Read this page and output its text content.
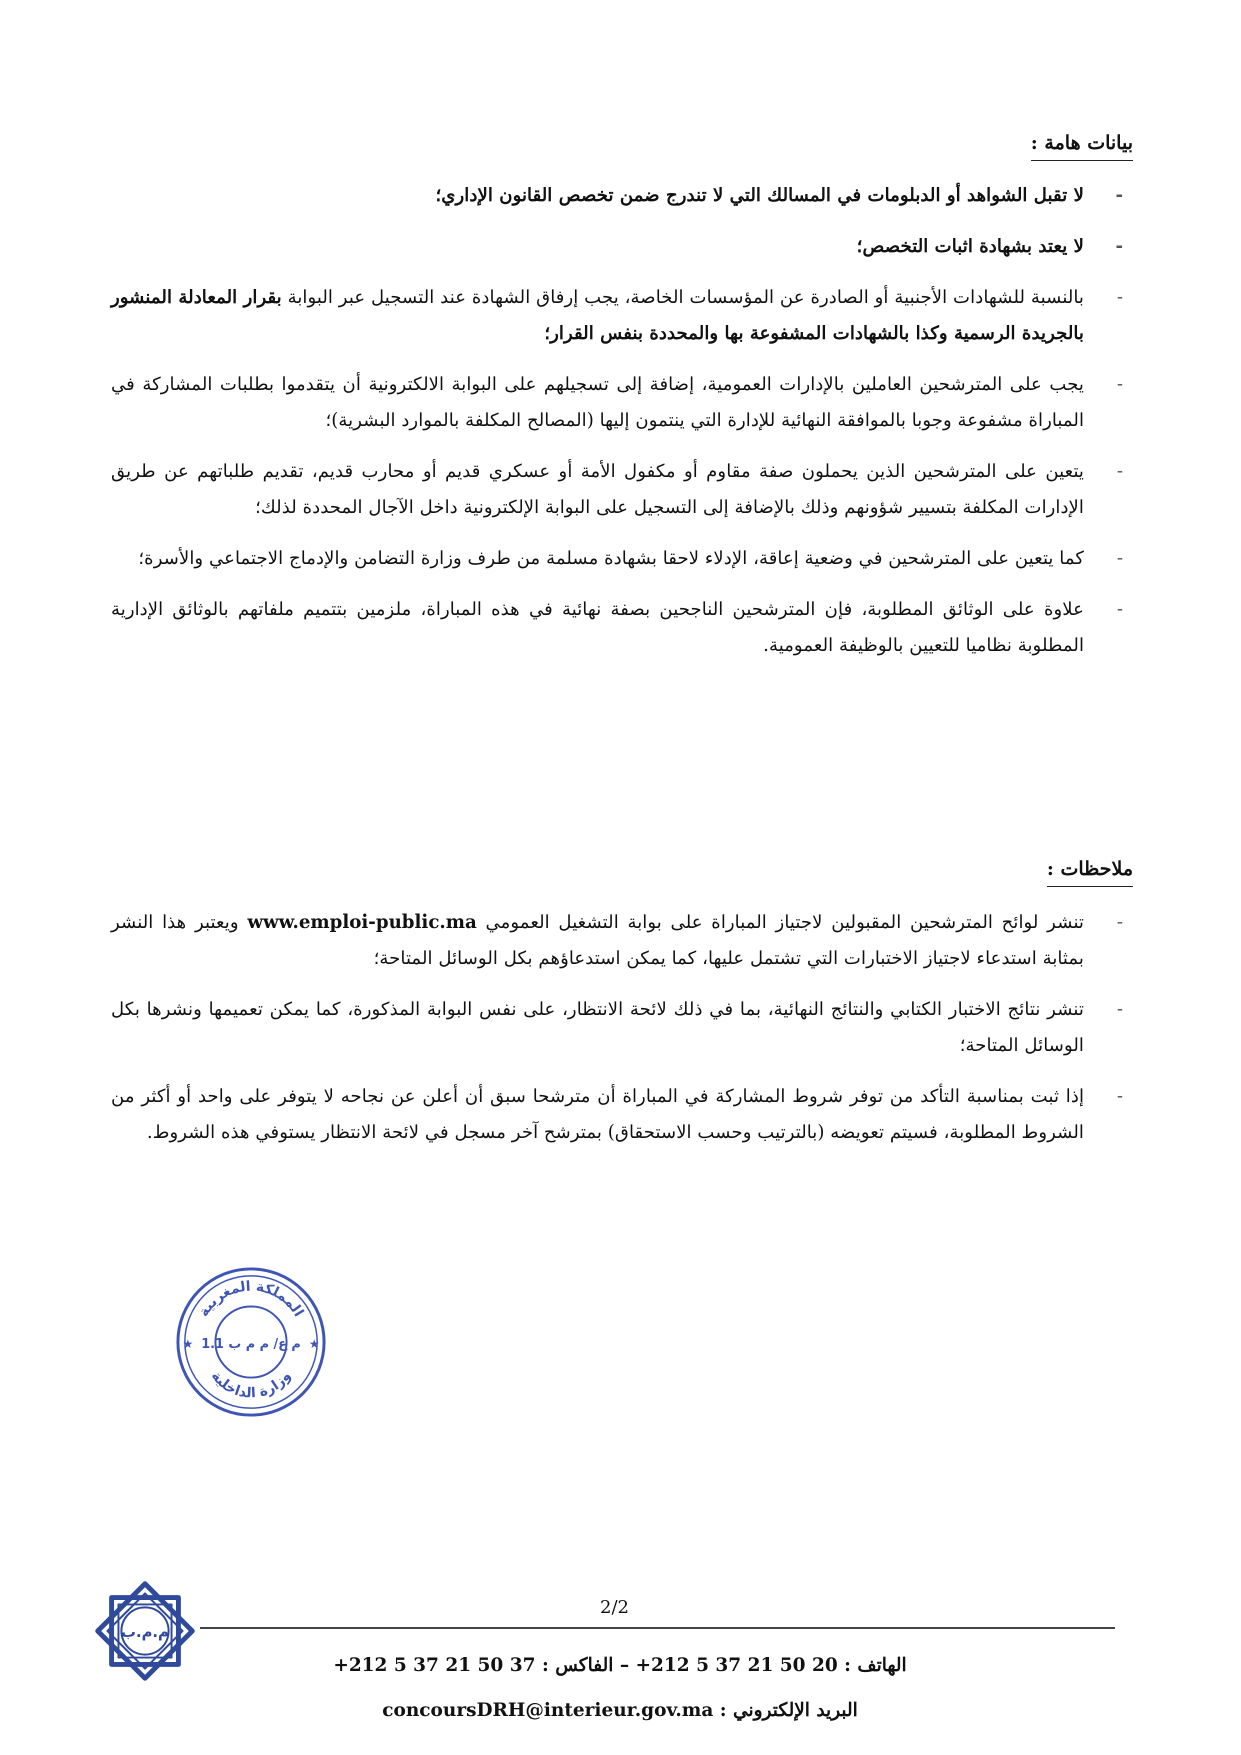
بيانات هامة :
- لا تقبل الشواهد أو الدبلومات في المسالك التي لا تندرج ضمن تخصص القانون الإداري؛
- لا يعتد بشهادة اثبات التخصص؛
- بالنسبة للشهادات الأجنبية أو الصادرة عن المؤسسات الخاصة، يجب إرفاق الشهادة عند التسجيل عبر البوابة بقرار المعادلة المنشور بالجريدة الرسمية وكذا بالشهادات المشفوعة بها والمحددة بنفس القرار؛
- يجب على المترشحين العاملين بالإدارات العمومية، إضافة إلى تسجيلهم على البوابة الالكترونية أن يتقدموا بطلبات المشاركة في المباراة مشفوعة وجوبا بالموافقة النهائية للإدارة التي ينتمون إليها (المصالح المكلفة بالموارد البشرية)؛
- يتعين على المترشحين الذين يحملون صفة مقاوم أو مكفول الأمة أو عسكري قديم أو محارب قديم، تقديم طلباتهم عن طريق الإدارات المكلفة بتسيير شؤونهم وذلك بالإضافة إلى التسجيل على البوابة الإلكترونية داخل الآجال المحددة لذلك؛
- كما يتعين على المترشحين في وضعية إعاقة، الإدلاء لاحقا بشهادة مسلمة من طرف وزارة التضامن والإدماج الاجتماعي والأسرة؛
- علاوة على الوثائق المطلوبة، فإن المترشحين الناجحين بصفة نهائية في هذه المباراة، ملزمين بتتميم ملفاتهم بالوثائق الإدارية المطلوبة نظاميا للتعيين بالوظيفة العمومية.
ملاحظات :
- تنشر لوائح المترشحين المقبولين لاجتياز المباراة على بوابة التشغيل العمومي www.emploi-public.ma ويعتبر هذا النشر بمثابة استدعاء لاجتياز الاختبارات التي تشتمل عليها، كما يمكن استدعاؤهم بكل الوسائل المتاحة؛
- تنشر نتائج الاختبار الكتابي والنتائج النهائية، بما في ذلك لائحة الانتظار، على نفس البوابة المذكورة، كما يمكن تعميمها ونشرها بكل الوسائل المتاحة؛
- إذا ثبت بمناسبة التأكد من توفر شروط المشاركة في المباراة أن مترشحا سبق أن أعلن عن نجاحه لا يتوفر على واحد أو أكثر من الشروط المطلوبة، فسيتم تعويضه (بالترتيب وحسب الاستحقاق) بمترشح آخر مسجل في لائحة الانتظار يستوفي هذه الشروط.
المملكة المغربية
وزارة الداخلية
م ع/ م م ب 1.1
★	★
2/2
م.م.ب
الهاتف : +212 5 37 21 50 20 – الفاكس : +212 5 37 21 50 37
البريد الإلكتروني : concoursDRH@interieur.gov.ma
